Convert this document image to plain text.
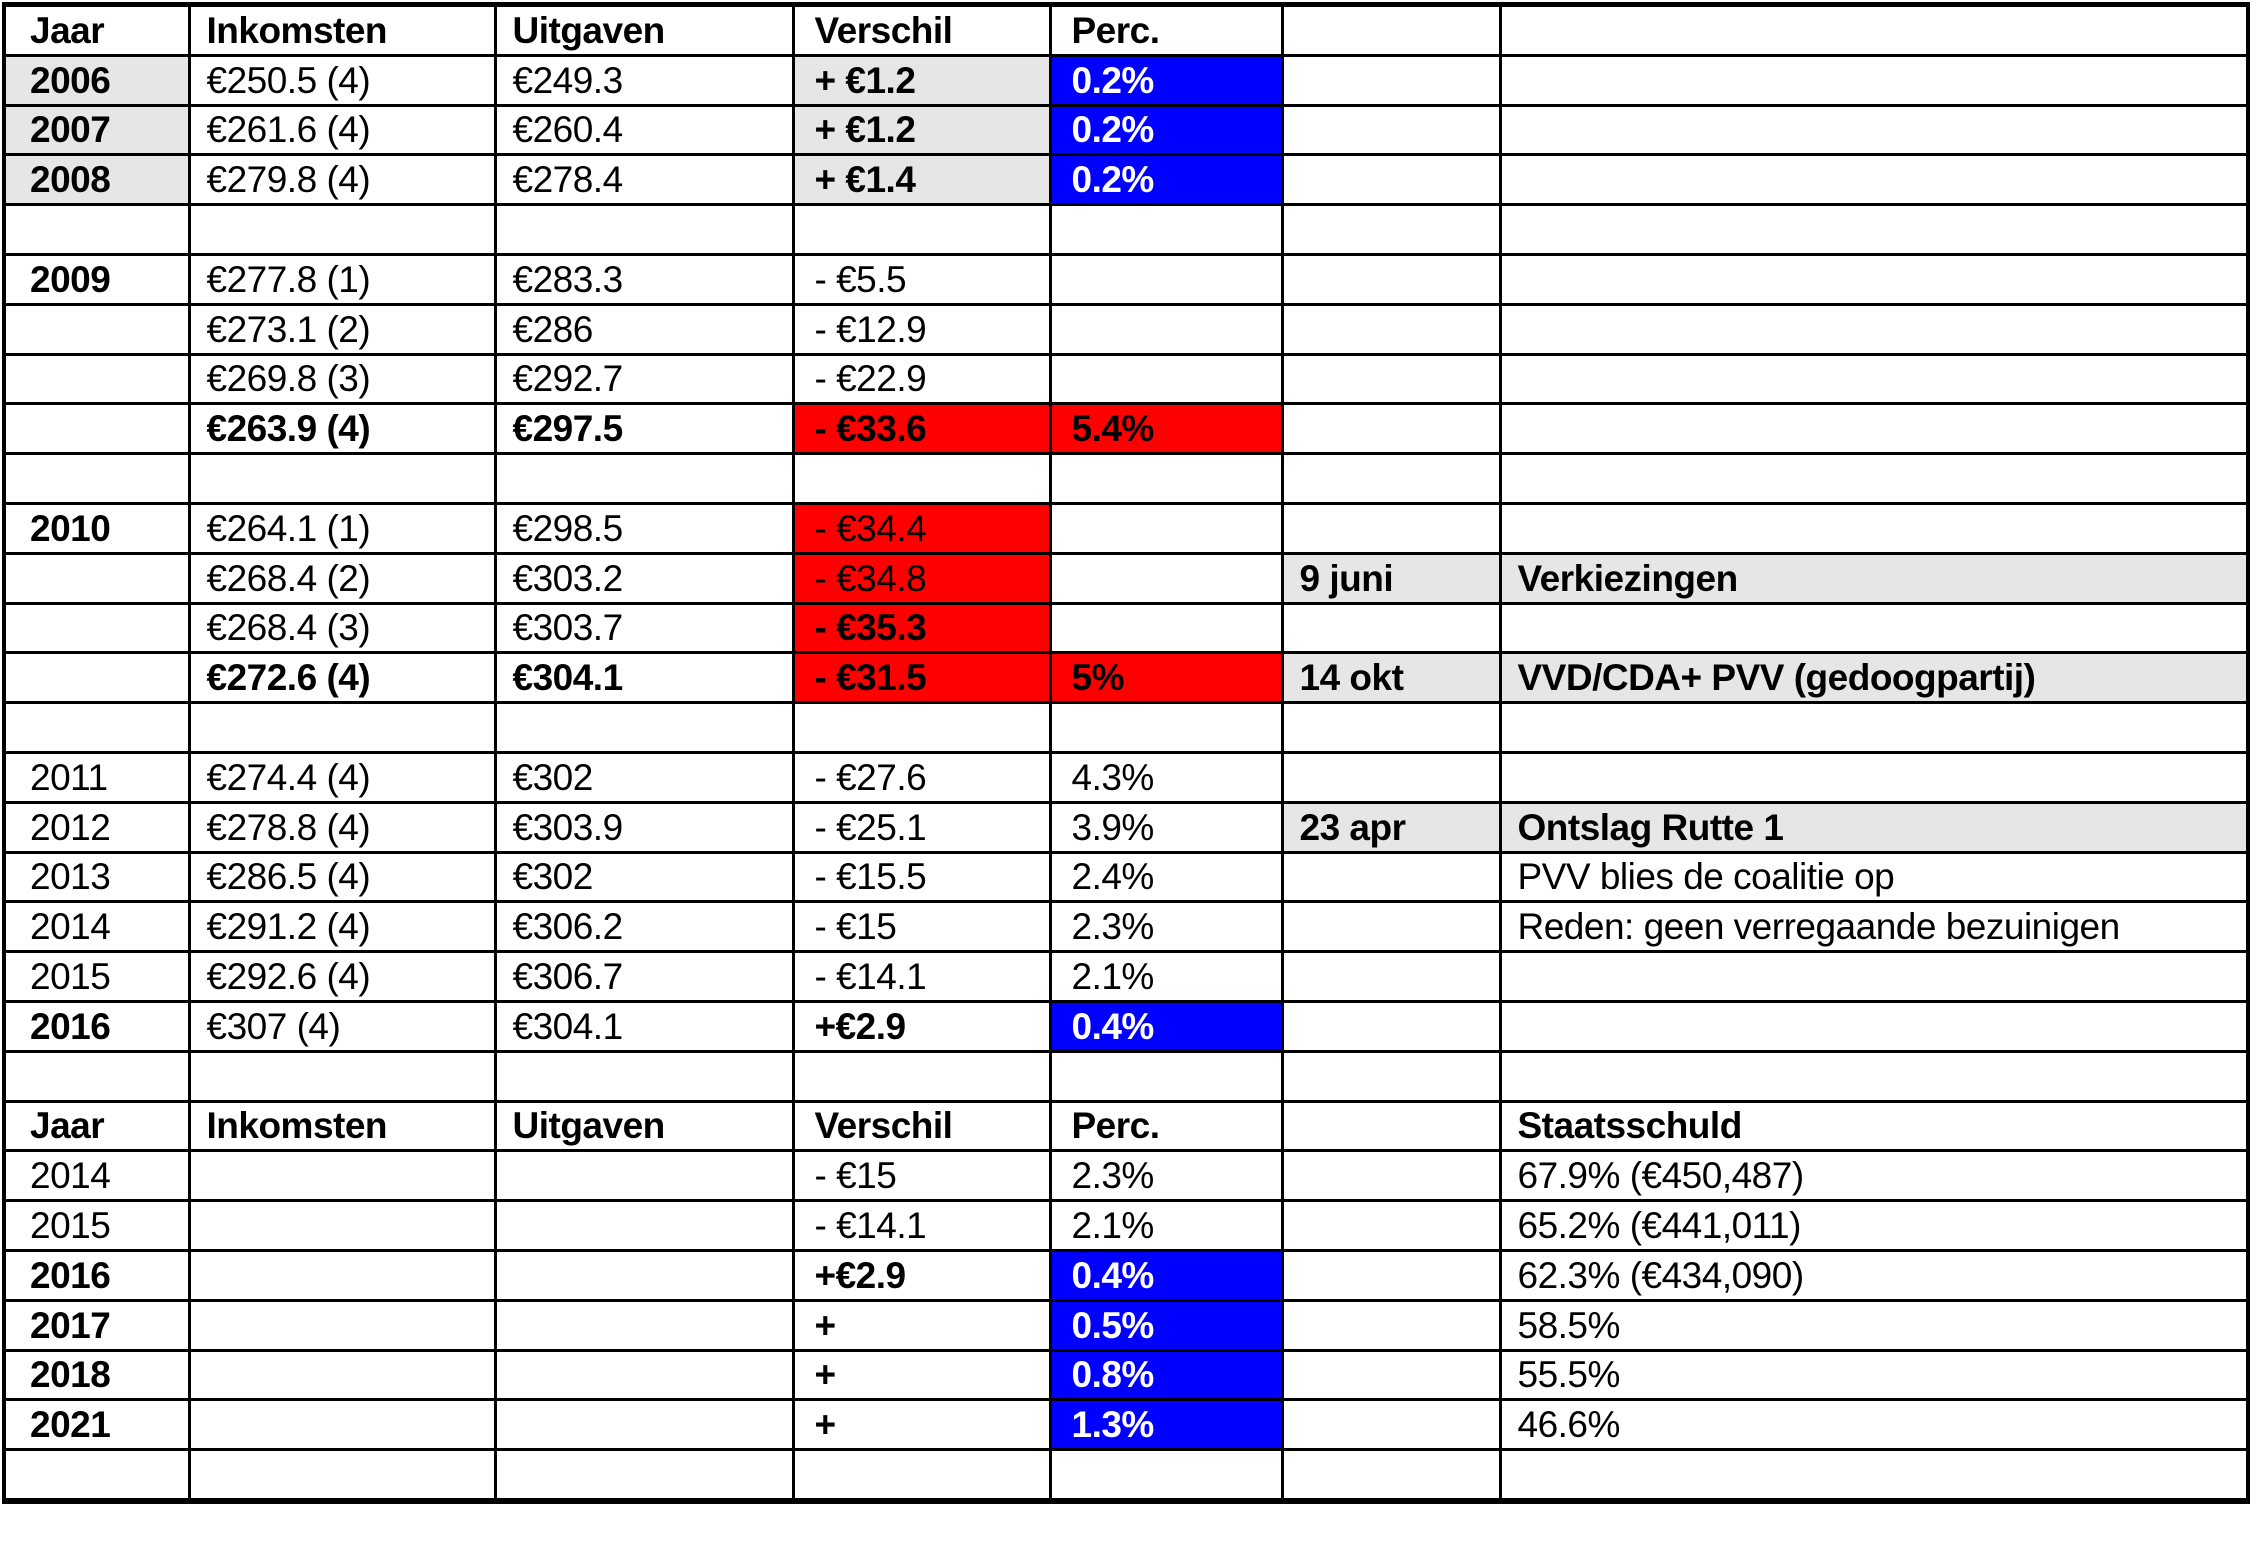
Jaar	Inkomsten	Uitgaven	Verschil	Perc.		
2006	€250.5 (4)	€249.3	+ €1.2	0.2%		
2007	€261.6 (4)	€260.4	+ €1.2	0.2%		
2008	€279.8 (4)	€278.4	+ €1.4	0.2%		

2009	€277.8 (1)	€283.3	- €5.5			
	€273.1 (2)	€286	- €12.9			
	€269.8 (3)	€292.7	- €22.9			
	€263.9 (4)	€297.5	- €33.6	5.4%		

2010	€264.1 (1)	€298.5	- €34.4			
	€268.4 (2)	€303.2	- €34.8		9 juni	Verkiezingen
	€268.4 (3)	€303.7	- €35.3			
	€272.6 (4)	€304.1	- €31.5	5%	14 okt	VVD/CDA+ PVV (gedoogpartij)

2011	€274.4 (4)	€302	- €27.6	4.3%		
2012	€278.8 (4)	€303.9	- €25.1	3.9%	23 apr	Ontslag Rutte 1
2013	€286.5 (4)	€302	- €15.5	2.4%		PVV blies de coalitie op
2014	€291.2 (4)	€306.2	- €15	2.3%		Reden: geen verregaande bezuinigen
2015	€292.6 (4)	€306.7	- €14.1	2.1%		
2016	€307 (4)	€304.1	+€2.9	0.4%		

Jaar	Inkomsten	Uitgaven	Verschil	Perc.		Staatsschuld
2014			- €15	2.3%		67.9% (€450,487)
2015			- €14.1	2.1%		65.2% (€441,011)
2016			+€2.9	0.4%		62.3% (€434,090)
2017			+	0.5%		58.5%
2018			+	0.8%		55.5%
2021			+	1.3%		46.6%
